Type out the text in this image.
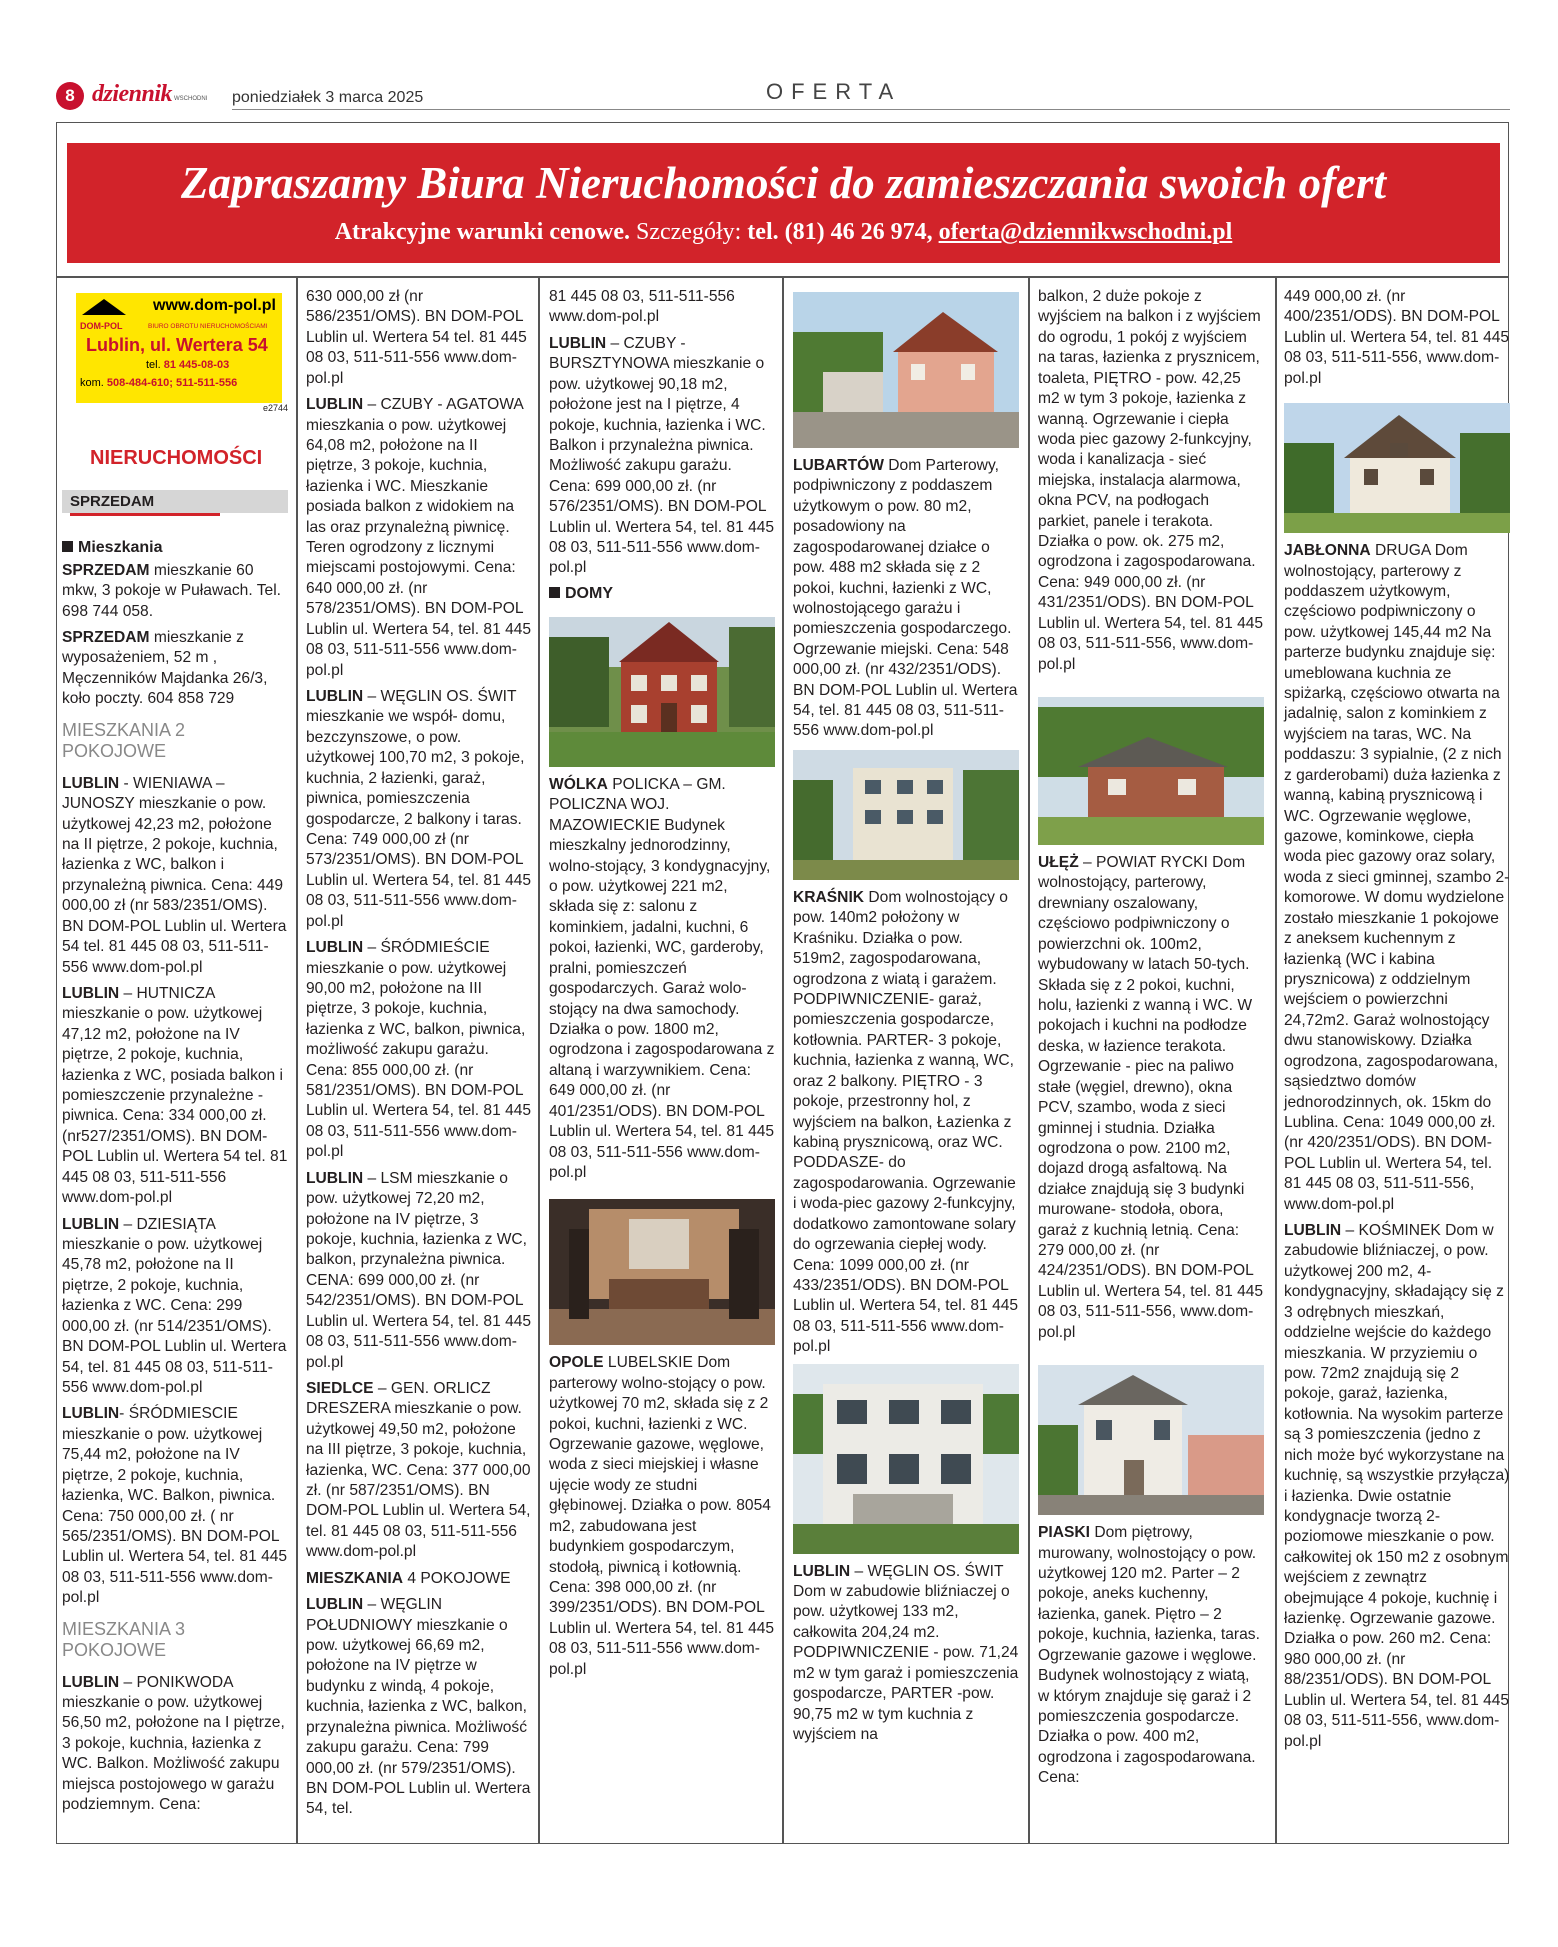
8 dziennik WSCHODNI poniedziałek 3 marca 2025	OFERTA
Zapraszamy Biura Nieruchomości do zamieszczania swoich ofert
Atrakcyjne warunki cenowe. Szczegóły: tel. (81) 46 26 974, oferta@dziennikwschodni.pl
www.dom-pol.pl
DOM-POL	BIURO OBROTU NIERUCHOMOŚCIAMI
Lublin, ul. Wertera 54
tel. 81 445-08-03
kom. 508-484-610; 511-511-556
e2744
NIERUCHOMOŚCI
SPRZEDAM
Mieszkania

SPRZEDAM mieszkanie 60 mkw, 3 pokoje w Puławach. Tel. 698 744 058.

SPRZEDAM mieszkanie z wyposażeniem, 52 m , Męczenników Majdanka 26/3, koło poczty. 604 858 729

MIESZKANIA 2 POKOJOWE

LUBLIN - WIENIAWA – JUNOSZY mieszkanie o pow. użytkowej 42,23 m2, położone na II piętrze, 2 pokoje, kuchnia, łazienka z WC, balkon i przynależną piwnica. Cena: 449 000,00 zł (nr 583/2351/OMS). BN DOM-POL Lublin ul. Wertera 54 tel. 81 445 08 03, 511-511-556 www.dom-pol.pl

LUBLIN – HUTNICZA mieszkanie o pow. użytkowej 47,12 m2, położone na IV piętrze, 2 pokoje, kuchnia, łazienka z WC, posiada balkon i pomieszczenie przynależne - piwnica. Cena: 334 000,00 zł. (nr527/2351/OMS). BN DOM-POL Lublin ul. Wertera 54 tel. 81 445 08 03, 511-511-556 www.dom-pol.pl

LUBLIN – DZIESIĄTA mieszkanie o pow. użytkowej 45,78 m2, położone na II piętrze, 2 pokoje, kuchnia, łazienka z WC. Cena: 299 000,00 zł. (nr 514/2351/OMS). BN DOM-POL Lublin ul. Wertera 54, tel. 81 445 08 03, 511-511-556 www.dom-pol.pl

LUBLIN- ŚRÓDMIESCIE mieszkanie o pow. użytkowej 75,44 m2, położone na IV piętrze, 2 pokoje, kuchnia, łazienka, WC. Balkon, piwnica. Cena: 750 000,00 zł. ( nr 565/2351/OMS). BN DOM-POL Lublin ul. Wertera 54, tel. 81 445 08 03, 511-511-556 www.dom-pol.pl

MIESZKANIA 3 POKOJOWE

LUBLIN – PONIKWODA mieszkanie o pow. użytkowej 56,50 m2, położone na I piętrze, 3 pokoje, kuchnia, łazienka z WC. Balkon. Możliwość zakupu miejsca postojowego w garażu podziemnym. Cena:

630 000,00 zł (nr 586/2351/OMS). BN DOM-POL Lublin ul. Wertera 54 tel. 81 445 08 03, 511-511-556 www.dom-pol.pl

LUBLIN – CZUBY - AGATOWA mieszkania o pow. użytkowej 64,08 m2, położone na II piętrze, 3 pokoje, kuchnia, łazienka i WC. Mieszkanie posiada balkon z widokiem na las oraz przynależną piwnicę. Teren ogrodzony z licznymi miejscami postojowymi. Cena: 640 000,00 zł. (nr 578/2351/OMS). BN DOM-POL Lublin ul. Wertera 54, tel. 81 445 08 03, 511-511-556 www.dom-pol.pl

LUBLIN – WĘGLIN OS. ŚWIT mieszkanie we współ- domu, bezczynszowe, o pow. użytkowej 100,70 m2, 3 pokoje, kuchnia, 2 łazienki, garaż, piwnica, pomieszczenia gospodarcze, 2 balkony i taras. Cena: 749 000,00 zł (nr 573/2351/OMS). BN DOM-POL Lublin ul. Wertera 54, tel. 81 445 08 03, 511-511-556 www.dom-pol.pl

LUBLIN – ŚRÓDMIEŚCIE mieszkanie o pow. użytkowej 90,00 m2, położone na III piętrze, 3 pokoje, kuchnia, łazienka z WC, balkon, piwnica, możliwość zakupu garażu. Cena: 855 000,00 zł. (nr 581/2351/OMS). BN DOM-POL Lublin ul. Wertera 54, tel. 81 445 08 03, 511-511-556 www.dom-pol.pl

LUBLIN – LSM mieszkanie o pow. użytkowej 72,20 m2, położone na IV piętrze, 3 pokoje, kuchnia, łazienka z WC, balkon, przynależna piwnica. CENA: 699 000,00 zł. (nr 542/2351/OMS). BN DOM-POL Lublin ul. Wertera 54, tel. 81 445 08 03, 511-511-556 www.dom-pol.pl

SIEDLCE – GEN. ORLICZ DRESZERA mieszkanie o pow. użytkowej 49,50 m2, położone na III piętrze, 3 pokoje, kuchnia, łazienka, WC. Cena: 377 000,00 zł. (nr 587/2351/OMS). BN DOM-POL Lublin ul. Wertera 54, tel. 81 445 08 03, 511-511-556 www.dom-pol.pl

MIESZKANIA 4 POKOJOWE

LUBLIN – WĘGLIN POŁUDNIOWY mieszkanie o pow. użytkowej 66,69 m2, położone na IV piętrze w budynku z windą, 4 pokoje, kuchnia, łazienka z WC, balkon, przynależna piwnica. Możliwość zakupu garażu. Cena: 799 000,00 zł. (nr 579/2351/OMS). BN DOM-POL Lublin ul. Wertera 54, tel.

81 445 08 03, 511-511-556 www.dom-pol.pl

LUBLIN – CZUBY - BURSZTYNOWA mieszkanie o pow. użytkowej 90,18 m2, położone jest na I piętrze, 4 pokoje, kuchnia, łazienka i WC. Balkon i przynależna piwnica. Możliwość zakupu garażu. Cena: 699 000,00 zł. (nr 576/2351/OMS). BN DOM-POL Lublin ul. Wertera 54, tel. 81 445 08 03, 511-511-556 www.dom-pol.pl

DOMY

WÓLKA POLICKA – GM. POLICZNA WOJ. MAZOWIECKIE Budynek mieszkalny jednorodzinny, wolno-stojący, 3 kondygnacyjny, o pow. użytkowej 221 m2, składa się z: salonu z kominkiem, jadalni, kuchni, 6 pokoi, łazienki, WC, garderoby, pralni, pomieszczeń gospodarczych. Garaż wolo-stojący na dwa samochody. Działka o pow. 1800 m2, ogrodzona i zagospodarowana z altaną i warzywnikiem. Cena: 649 000,00 zł. (nr 401/2351/ODS). BN DOM-POL Lublin ul. Wertera 54, tel. 81 445 08 03, 511-511-556 www.dom-pol.pl

OPOLE LUBELSKIE Dom parterowy wolno-stojący o pow. użytkowej 70 m2, składa się z 2 pokoi, kuchni, łazienki z WC. Ogrzewanie gazowe, węglowe, woda z sieci miejskiej i własne ujęcie wody ze studni głębinowej. Działka o pow. 8054 m2, zabudowana jest budynkiem gospodarczym, stodołą, piwnicą i kotłownią. Cena: 398 000,00 zł. (nr 399/2351/ODS). BN DOM-POL Lublin ul. Wertera 54, tel. 81 445 08 03, 511-511-556 www.dom-pol.pl

LUBARTÓW Dom Parterowy, podpiwniczony z poddaszem użytkowym o pow. 80 m2, posadowiony na zagospodarowanej działce o pow. 488 m2 składa się z 2 pokoi, kuchni, łazienki z WC, wolnostojącego garażu i pomieszczenia gospodarczego. Ogrzewanie miejski. Cena: 548 000,00 zł. (nr 432/2351/ODS). BN DOM-POL Lublin ul. Wertera 54, tel. 81 445 08 03, 511-511-556 www.dom-pol.pl

KRAŚNIK Dom wolnostojący o pow. 140m2 położony w Kraśniku. Działka o pow. 519m2, zagospodarowana, ogrodzona z wiatą i garażem. PODPIWNICZENIE- garaż, pomieszczenia gospodarcze, kotłownia. PARTER- 3 pokoje, kuchnia, łazienka z wanną, WC, oraz 2 balkony. PIĘTRO - 3 pokoje, przestronny hol, z wyjściem na balkon, Łazienka z kabiną prysznicową, oraz WC. PODDASZE- do zagospodarowania. Ogrzewanie i woda-piec gazowy 2-funkcyjny, dodatkowo zamontowane solary do ogrzewania ciepłej wody. Cena: 1099 000,00 zł. (nr 433/2351/ODS). BN DOM-POL Lublin ul. Wertera 54, tel. 81 445 08 03, 511-511-556 www.dom-pol.pl

LUBLIN – WĘGLIN OS. ŚWIT Dom w zabudowie bliźniaczej o pow. użytkowej 133 m2, całkowita 204,24 m2. PODPIWNICZENIE - pow. 71,24 m2 w tym garaż i pomieszczenia gospodarcze, PARTER -pow. 90,75 m2 w tym kuchnia z wyjściem na

balkon, 2 duże pokoje z wyjściem na balkon i z wyjściem do ogrodu, 1 pokój z wyjściem na taras, łazienka z prysznicem, toaleta, PIĘTRO - pow. 42,25 m2 w tym 3 pokoje, łazienka z wanną. Ogrzewanie i ciepła woda piec gazowy 2-funkcyjny, woda i kanalizacja - sieć miejska, instalacja alarmowa, okna PCV, na podłogach parkiet, panele i terakota. Działka o pow. ok. 275 m2, ogrodzona i zagospodarowana. Cena: 949 000,00 zł. (nr 431/2351/ODS). BN DOM-POL Lublin ul. Wertera 54, tel. 81 445 08 03, 511-511-556, www.dom-pol.pl

UŁĘŻ – POWIAT RYCKI Dom wolnostojący, parterowy, drewniany oszalowany, częściowo podpiwniczony o powierzchni ok. 100m2, wybudowany w latach 50-tych. Składa się z 2 pokoi, kuchni, holu, łazienki z wanną i WC. W pokojach i kuchni na podłodze deska, w łazience terakota. Ogrzewanie - piec na paliwo stałe (węgiel, drewno), okna PCV, szambo, woda z sieci gminnej i studnia. Działka ogrodzona o pow. 2100 m2, dojazd drogą asfaltową. Na działce znajdują się 3 budynki murowane- stodoła, obora, garaż z kuchnią letnią. Cena: 279 000,00 zł. (nr 424/2351/ODS). BN DOM-POL Lublin ul. Wertera 54, tel. 81 445 08 03, 511-511-556, www.dom-pol.pl

PIASKI Dom piętrowy, murowany, wolnostojący o pow. użytkowej 120 m2. Parter – 2 pokoje, aneks kuchenny, łazienka, ganek. Piętro – 2 pokoje, kuchnia, łazienka, taras. Ogrzewanie gazowe i węglowe. Budynek wolnostojący z wiatą, w którym znajduje się garaż i 2 pomieszczenia gospodarcze. Działka o pow. 400 m2, ogrodzona i zagospodarowana. Cena:

449 000,00 zł. (nr 400/2351/ODS). BN DOM-POL Lublin ul. Wertera 54, tel. 81 445 08 03, 511-511-556, www.dom-pol.pl

JABŁONNA DRUGA Dom wolnostojący, parterowy z poddaszem użytkowym, częściowo podpiwniczony o pow. użytkowej 145,44 m2 Na parterze budynku znajduje się: umeblowana kuchnia ze spiżarką, częściowo otwarta na jadalnię, salon z kominkiem z wyjściem na taras, WC. Na poddaszu: 3 sypialnie, (2 z nich z garderobami) duża łazienka z wanną, kabiną prysznicową i WC. Ogrzewanie węglowe, gazowe, kominkowe, ciepła woda piec gazowy oraz solary, woda z sieci gminnej, szambo 2-komorowe. W domu wydzielone zostało mieszkanie 1 pokojowe z aneksem kuchennym z łazienką (WC i kabina prysznicowa) z oddzielnym wejściem o powierzchni 24,72m2. Garaż wolnostojący dwu stanowiskowy. Działka ogrodzona, zagospodarowana, sąsiedztwo domów jednorodzinnych, ok. 15km do Lublina. Cena: 1049 000,00 zł. (nr 420/2351/ODS). BN DOM-POL Lublin ul. Wertera 54, tel. 81 445 08 03, 511-511-556, www.dom-pol.pl

LUBLIN – KOŚMINEK Dom w zabudowie bliźniaczej, o pow. użytkowej 200 m2, 4-kondygnacyjny, składający się z 3 odrębnych mieszkań, oddzielne wejście do każdego mieszkania. W przyziemiu o pow. 72m2 znajdują się 2 pokoje, garaż, łazienka, kotłownia. Na wysokim parterze są 3 pomieszczenia (jedno z nich może być wykorzystane na kuchnię, są wszystkie przyłącza) i łazienka. Dwie ostatnie kondygnacje tworzą 2-poziomowe mieszkanie o pow. całkowitej ok 150 m2 z osobnym wejściem z zewnątrz obejmujące 4 pokoje, kuchnię i łazienkę. Ogrzewanie gazowe. Działka o pow. 260 m2. Cena: 980 000,00 zł. (nr 88/2351/ODS). BN DOM-POL Lublin ul. Wertera 54, tel. 81 445 08 03, 511-511-556, www.dom-pol.pl
